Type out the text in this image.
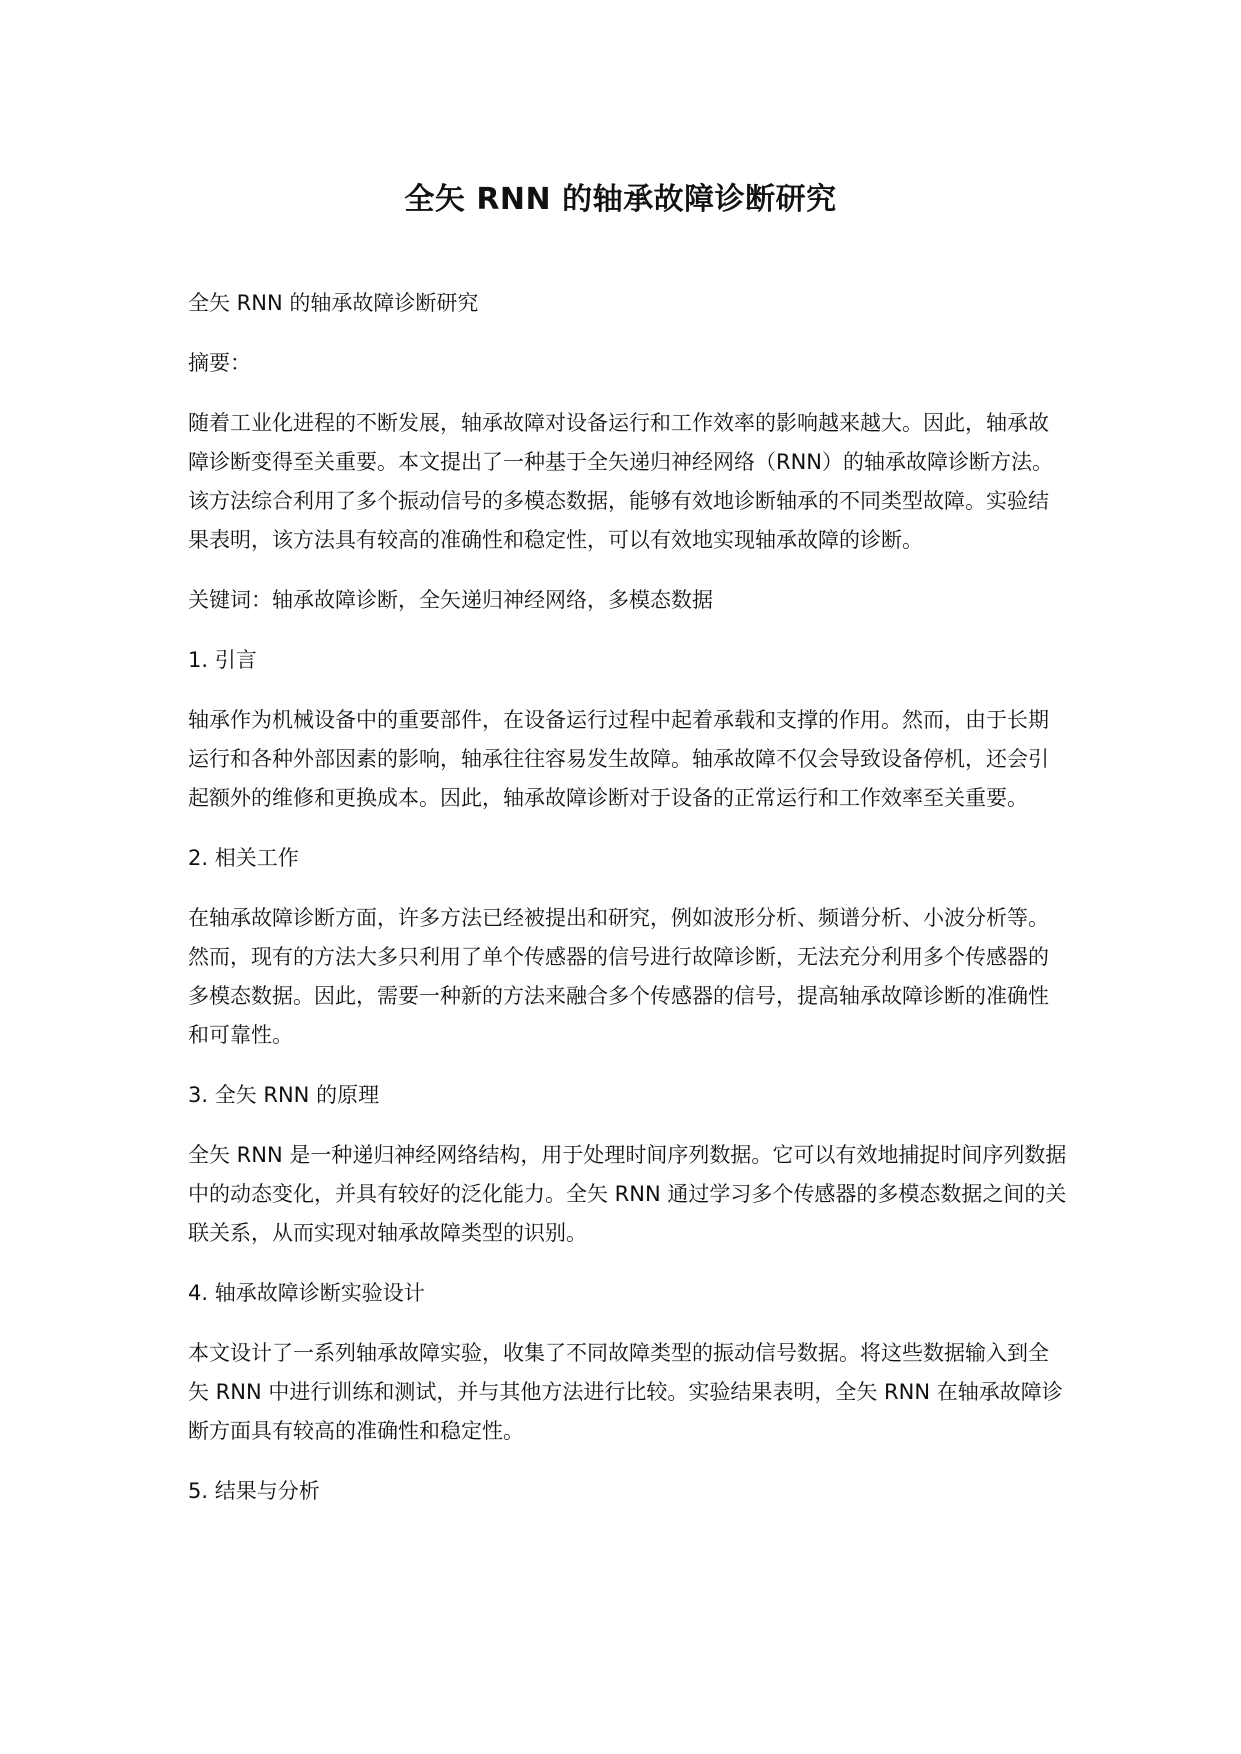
全矢 RNN 的轴承故障诊断研究

全矢 RNN 的轴承故障诊断研究

摘要：

随着工业化进程的不断发展，轴承故障对设备运行和工作效率的影响越来越大。因此，轴承故障诊断变得至关重要。本文提出了一种基于全矢递归神经网络（RNN）的轴承故障诊断方法。该方法综合利用了多个振动信号的多模态数据，能够有效地诊断轴承的不同类型故障。实验结果表明，该方法具有较高的准确性和稳定性，可以有效地实现轴承故障的诊断。

关键词：轴承故障诊断，全矢递归神经网络，多模态数据

1. 引言

轴承作为机械设备中的重要部件，在设备运行过程中起着承载和支撑的作用。然而，由于长期运行和各种外部因素的影响，轴承往往容易发生故障。轴承故障不仅会导致设备停机，还会引起额外的维修和更换成本。因此，轴承故障诊断对于设备的正常运行和工作效率至关重要。

2. 相关工作

在轴承故障诊断方面，许多方法已经被提出和研究，例如波形分析、频谱分析、小波分析等。然而，现有的方法大多只利用了单个传感器的信号进行故障诊断，无法充分利用多个传感器的多模态数据。因此，需要一种新的方法来融合多个传感器的信号，提高轴承故障诊断的准确性和可靠性。

3. 全矢 RNN 的原理

全矢 RNN 是一种递归神经网络结构，用于处理时间序列数据。它可以有效地捕捉时间序列数据中的动态变化，并具有较好的泛化能力。全矢 RNN 通过学习多个传感器的多模态数据之间的关联关系，从而实现对轴承故障类型的识别。

4. 轴承故障诊断实验设计

本文设计了一系列轴承故障实验，收集了不同故障类型的振动信号数据。将这些数据输入到全矢 RNN 中进行训练和测试，并与其他方法进行比较。实验结果表明，全矢 RNN 在轴承故障诊断方面具有较高的准确性和稳定性。

5. 结果与分析
